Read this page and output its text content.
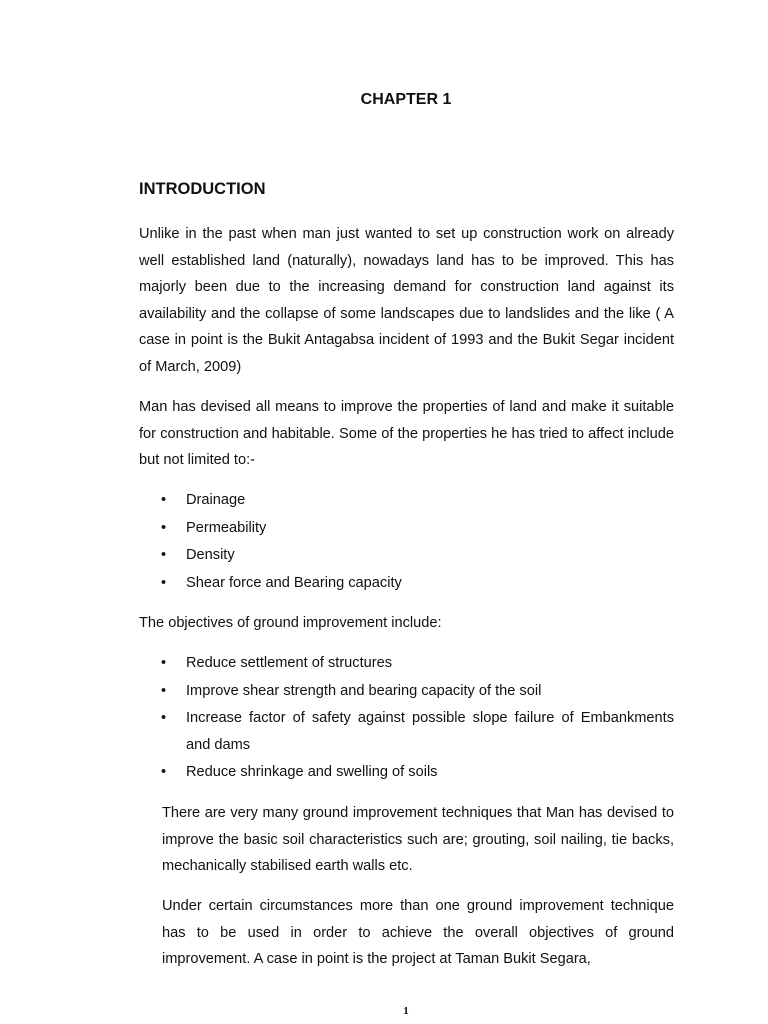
CHAPTER 1
INTRODUCTION

Unlike in the past when man just wanted to set up construction work on already well established land (naturally), nowadays land has to be improved. This has majorly been due to the increasing demand for construction land against its availability and the collapse of some landscapes due to landslides and the like ( A case in point is the Bukit Antagabsa incident of 1993 and the Bukit Segar incident of March, 2009)

Man has devised all means to improve the properties of land and make it suitable for construction and habitable. Some of the properties he has tried to affect include but not limited to:-

• Drainage
• Permeability
• Density
• Shear force and Bearing capacity

The objectives of ground improvement include:

• Reduce settlement of structures
• Improve shear strength and bearing capacity of the soil
• Increase factor of safety against possible slope failure of Embankments and dams
• Reduce shrinkage and swelling of soils

There are very many ground improvement techniques that Man has devised to improve the basic soil characteristics such are; grouting, soil nailing, tie backs, mechanically stabilised earth walls etc.

Under certain circumstances more than one ground improvement technique has to be used in order to achieve the overall objectives of ground improvement. A case in point is the project at Taman Bukit Segara,

1
